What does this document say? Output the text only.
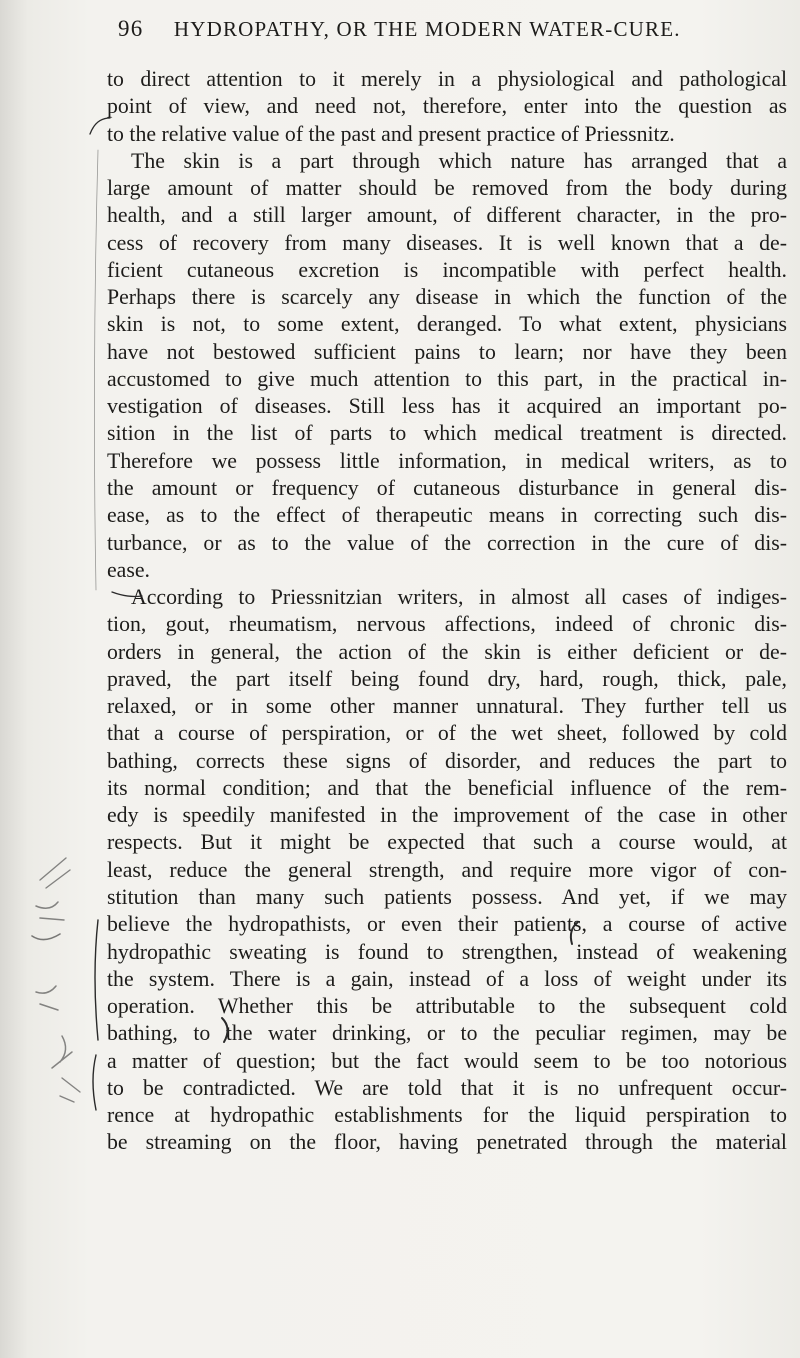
96 HYDROPATHY, OR THE MODERN WATER-CURE.
to direct attention to it merely in a physiological and pathological
point of view, and need not, therefore, enter into the question as
to the relative value of the past and present practice of Priessnitz.
The skin is a part through which nature has arranged that a
large amount of matter should be removed from the body during
health, and a still larger amount, of different character, in the pro-
cess of recovery from many diseases. It is well known that a de-
ficient cutaneous excretion is incompatible with perfect health.
Perhaps there is scarcely any disease in which the function of the
skin is not, to some extent, deranged. To what extent, physicians
have not bestowed sufficient pains to learn; nor have they been
accustomed to give much attention to this part, in the practical in-
vestigation of diseases. Still less has it acquired an important po-
sition in the list of parts to which medical treatment is directed.
Therefore we possess little information, in medical writers, as to
the amount or frequency of cutaneous disturbance in general dis-
ease, as to the effect of therapeutic means in correcting such dis-
turbance, or as to the value of the correction in the cure of dis-
ease.
According to Priessnitzian writers, in almost all cases of indiges-
tion, gout, rheumatism, nervous affections, indeed of chronic dis-
orders in general, the action of the skin is either deficient or de-
praved, the part itself being found dry, hard, rough, thick, pale,
relaxed, or in some other manner unnatural. They further tell us
that a course of perspiration, or of the wet sheet, followed by cold
bathing, corrects these signs of disorder, and reduces the part to
its normal condition; and that the beneficial influence of the rem-
edy is speedily manifested in the improvement of the case in other
respects. But it might be expected that such a course would, at
least, reduce the general strength, and require more vigor of con-
stitution than many such patients possess. And yet, if we may
believe the hydropathists, or even their patients, a course of active
hydropathic sweating is found to strengthen, instead of weakening
the system. There is a gain, instead of a loss of weight under its
operation. Whether this be attributable to the subsequent cold
bathing, to the water drinking, or to the peculiar regimen, may be
a matter of question; but the fact would seem to be too notorious
to be contradicted. We are told that it is no unfrequent occur-
rence at hydropathic establishments for the liquid perspiration to
be streaming on the floor, having penetrated through the material
